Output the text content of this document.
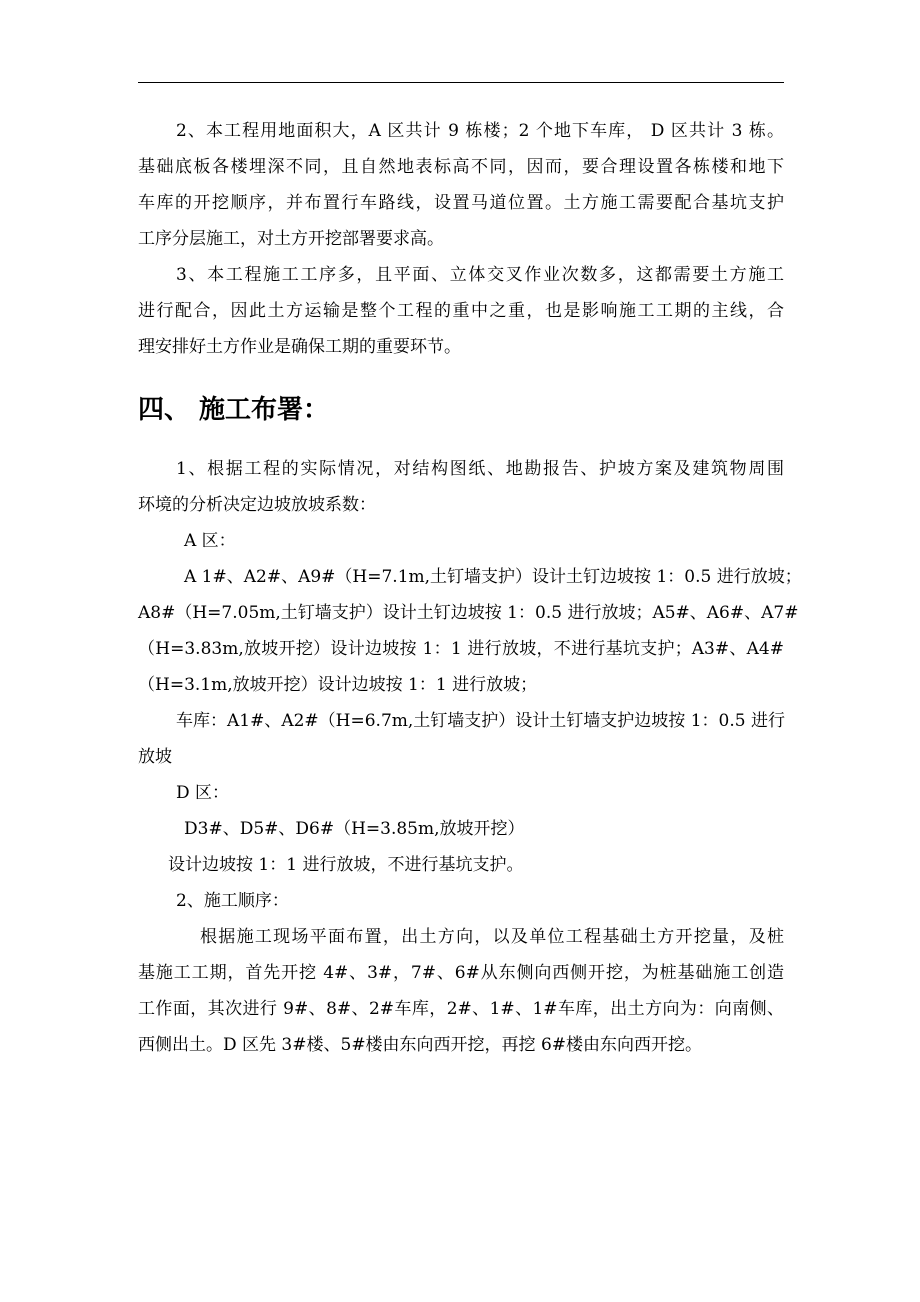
2、本工程用地面积大，A 区共计 9 栋楼；2 个地下车库， D 区共计 3 栋。
基础底板各楼埋深不同，且自然地表标高不同，因而，要合理设置各栋楼和地下
车库的开挖顺序，并布置行车路线，设置马道位置。土方施工需要配合基坑支护
工序分层施工，对土方开挖部署要求高。
3、本工程施工工序多，且平面、立体交叉作业次数多，这都需要土方施工
进行配合，因此土方运输是整个工程的重中之重，也是影响施工工期的主线，合
理安排好土方作业是确保工期的重要环节。
四、 施工布署：
1、根据工程的实际情况，对结构图纸、地勘报告、护坡方案及建筑物周围
环境的分析决定边坡放坡系数：
A 区：
A 1#、A2#、A9#（H=7.1m,土钉墙支护）设计土钉边坡按 1：0.5 进行放坡；
A8#（H=7.05m,土钉墙支护）设计土钉边坡按 1：0.5 进行放坡；A5#、A6#、A7#
（H=3.83m,放坡开挖）设计边坡按 1：1 进行放坡，不进行基坑支护；A3#、A4#
（H=3.1m,放坡开挖）设计边坡按 1：1 进行放坡；
车库：A1#、A2#（H=6.7m,土钉墙支护）设计土钉墙支护边坡按 1：0.5 进行
放坡
D 区：
D3#、D5#、D6#（H=3.85m,放坡开挖）
设计边坡按 1：1 进行放坡，不进行基坑支护。
2、施工顺序：
根据施工现场平面布置，出土方向，以及单位工程基础土方开挖量，及桩
基施工工期，首先开挖 4#、3#，7#、6#从东侧向西侧开挖，为桩基础施工创造
工作面，其次进行 9#、8#、2#车库，2#、1#、1#车库，出土方向为：向南侧、
西侧出土。D 区先 3#楼、5#楼由东向西开挖，再挖 6#楼由东向西开挖。
